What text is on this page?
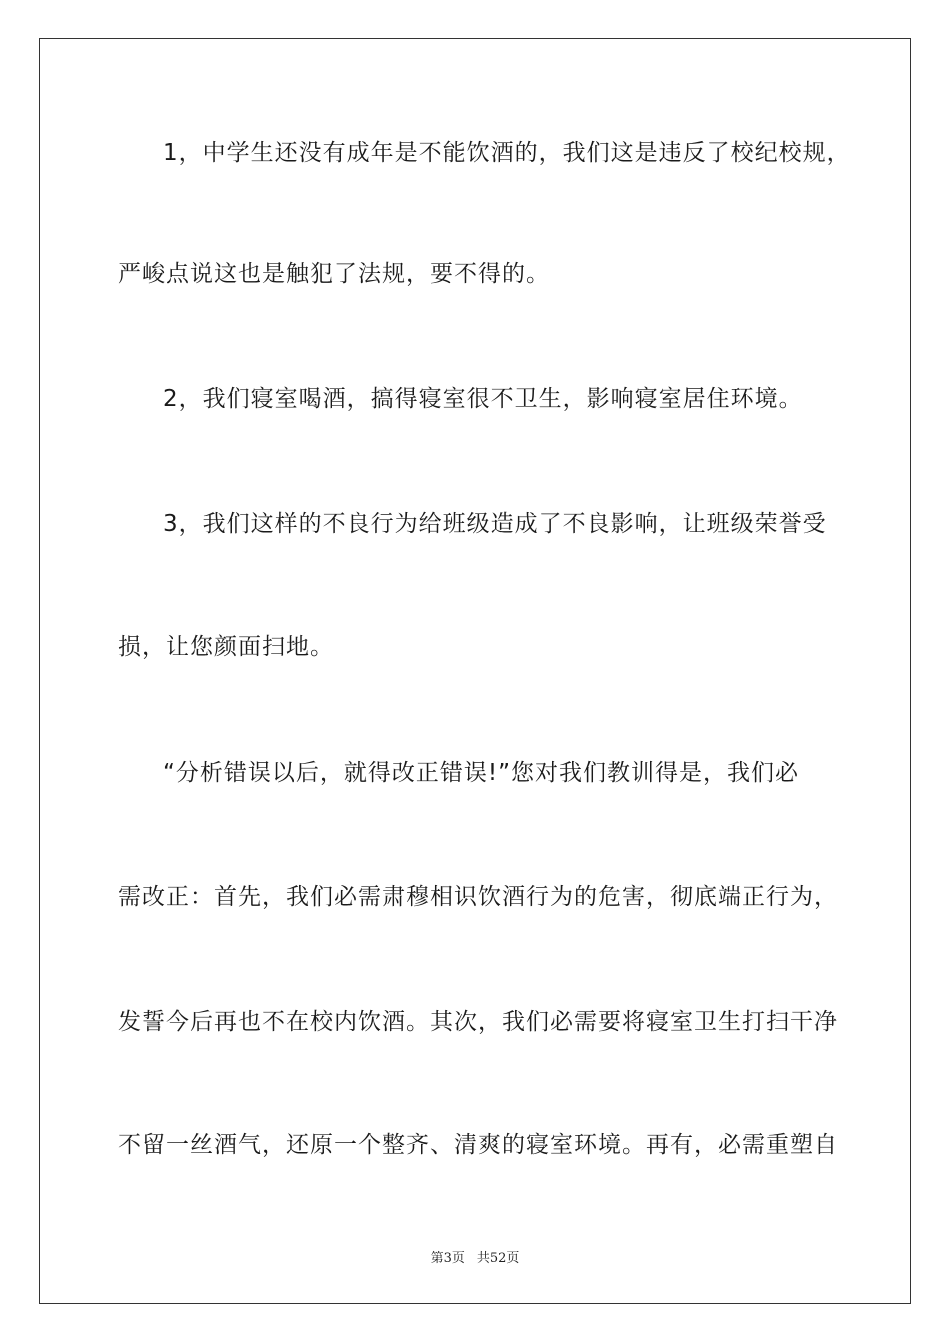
1，中学生还没有成年是不能饮酒的，我们这是违反了校纪校规，
严峻点说这也是触犯了法规，要不得的。
2，我们寝室喝酒，搞得寝室很不卫生，影响寝室居住环境。
3，我们这样的不良行为给班级造成了不良影响，让班级荣誉受
损，让您颜面扫地。
“分析错误以后，就得改正错误!”您对我们教训得是，我们必
需改正：首先，我们必需肃穆相识饮酒行为的危害，彻底端正行为，
发誓今后再也不在校内饮酒。其次，我们必需要将寝室卫生打扫干净
不留一丝酒气，还原一个整齐、清爽的寝室环境。再有，必需重塑自
第3页 共52页
